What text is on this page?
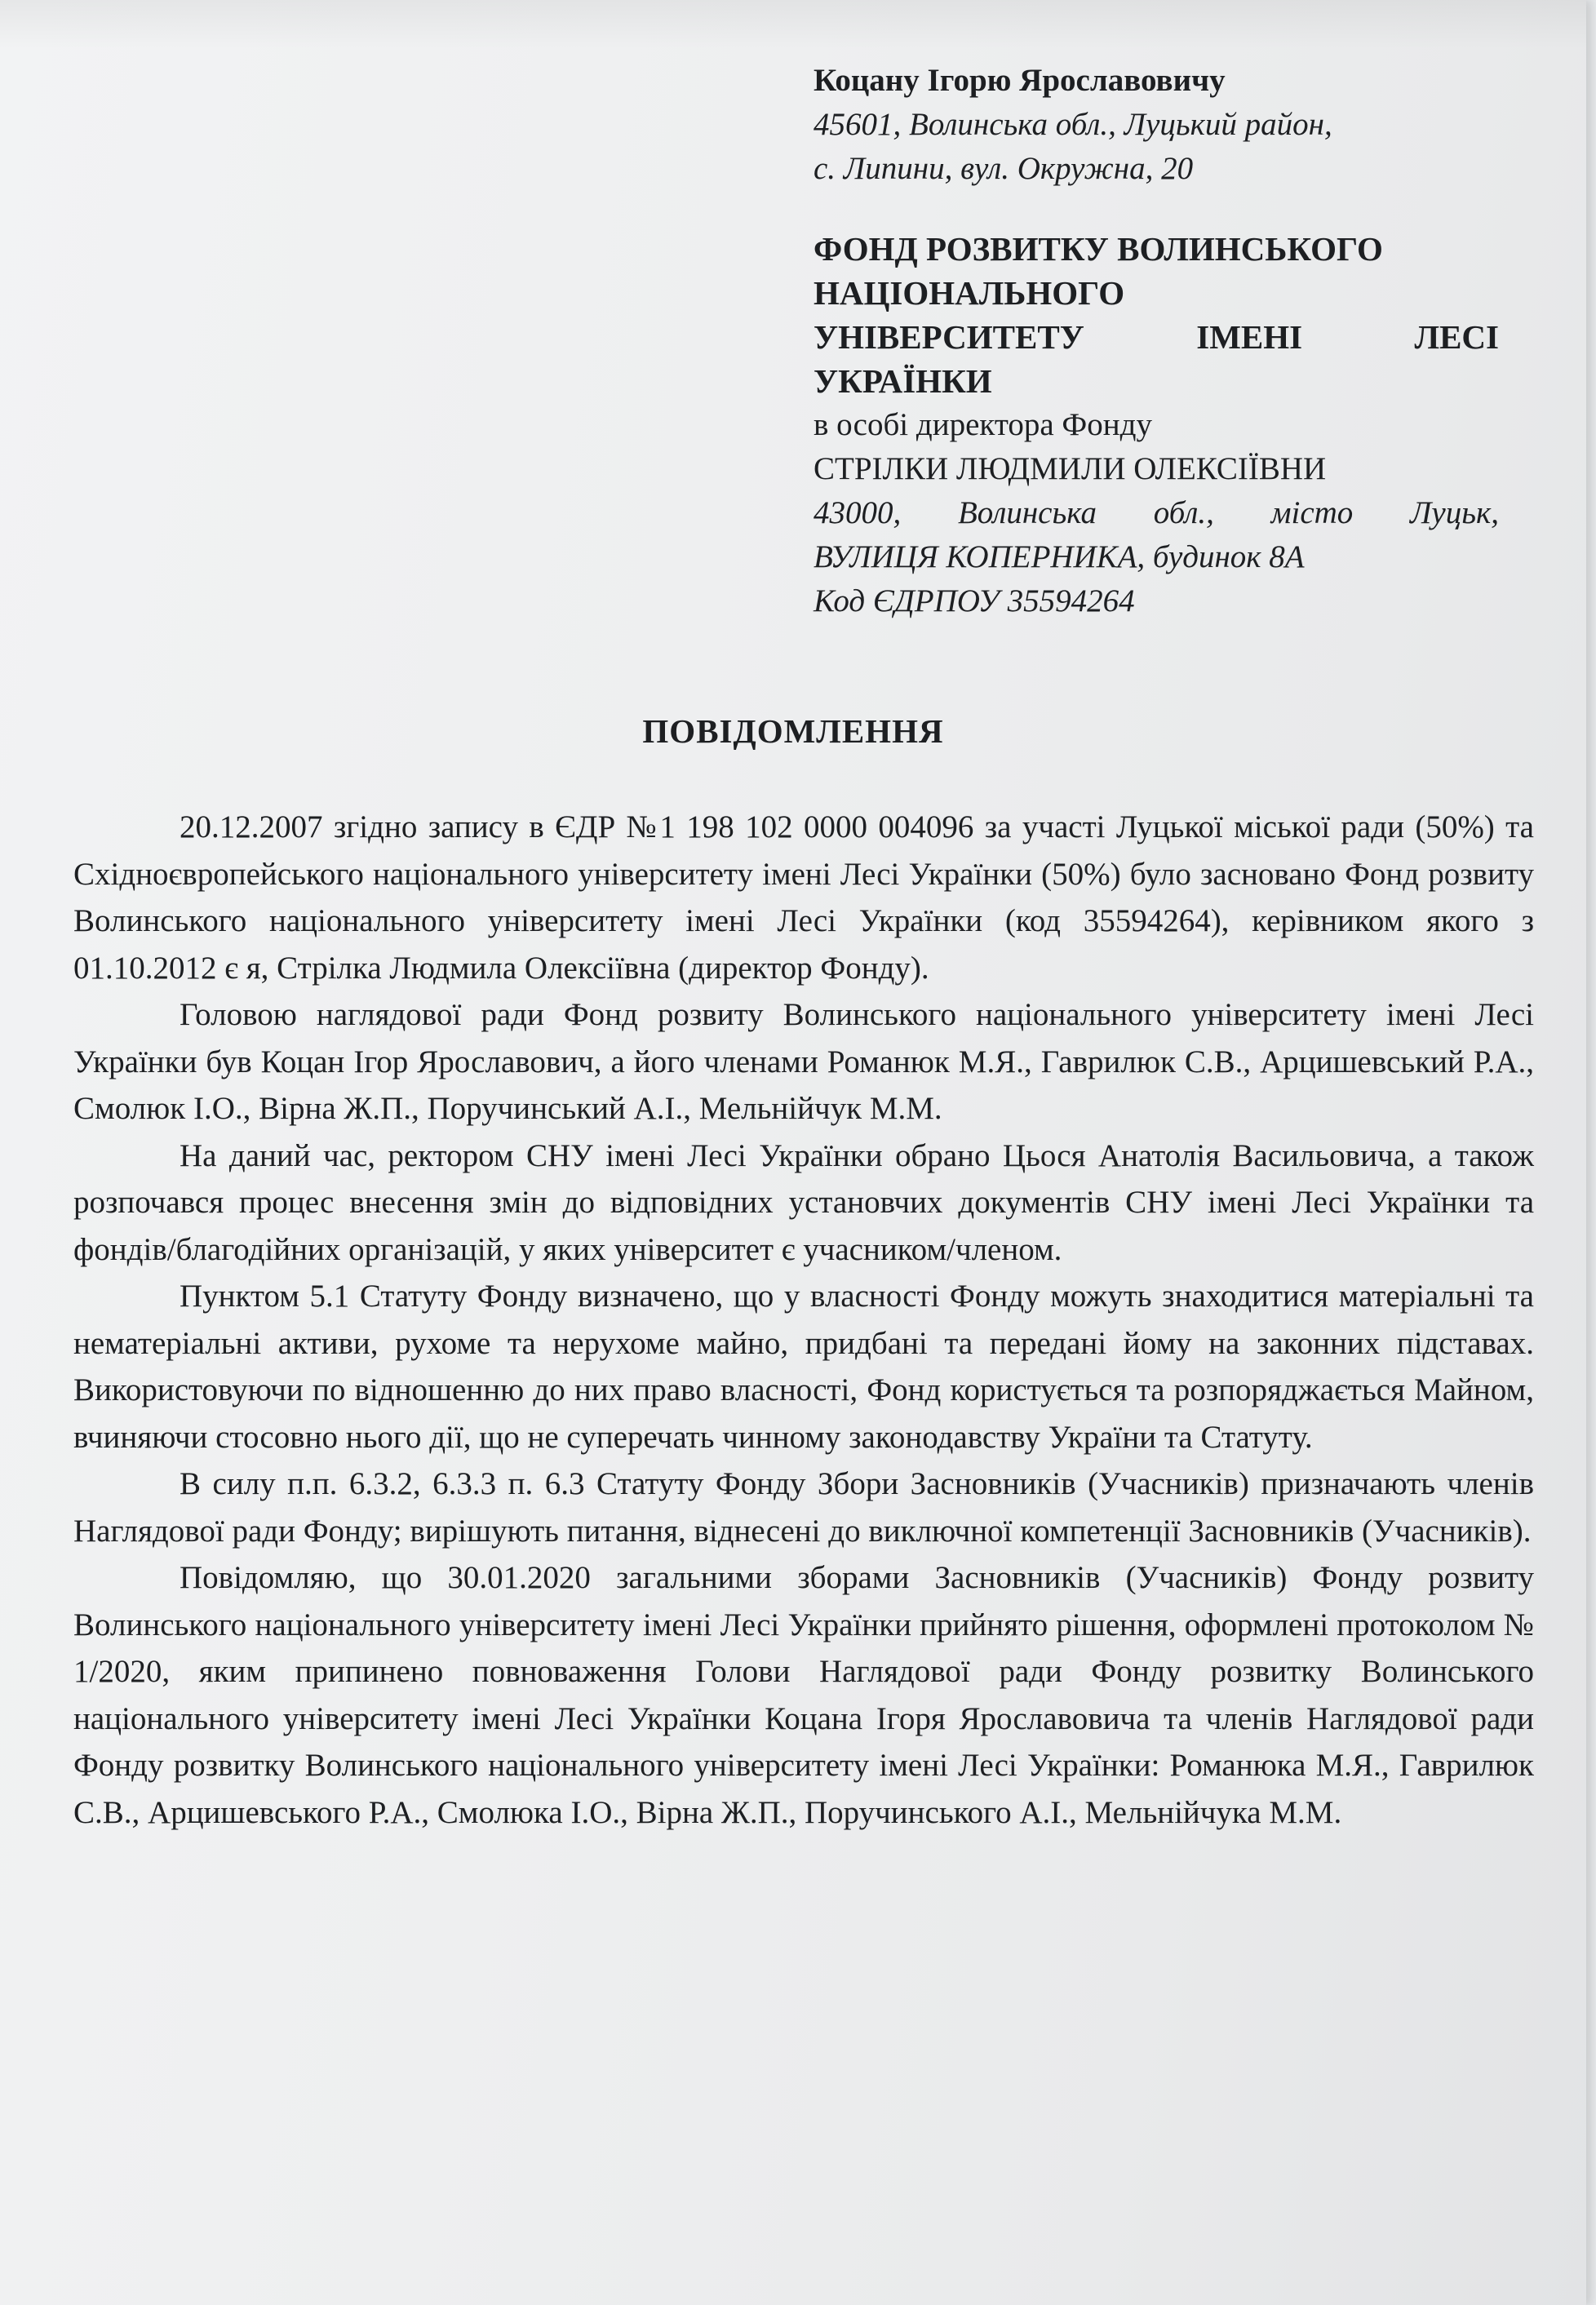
Коцану Ігорю Ярославовичу
45601, Волинська обл., Луцький район,
с. Липини, вул. Окружна, 20
ФОНД РОЗВИТКУ ВОЛИНСЬКОГО
НАЦІОНАЛЬНОГО
УНІВЕРСИТЕТУ ІМЕНІ ЛЕСІ
УКРАЇНКИ
в особі директора Фонду
СТРІЛКИ ЛЮДМИЛИ ОЛЕКСІЇВНИ
43000, Волинська обл., місто Луцьк,
ВУЛИЦЯ КОПЕРНИКА, будинок 8А
Код ЄДРПОУ 35594264
ПОВІДОМЛЕННЯ

20.12.2007 згідно запису в ЄДР №1 198 102 0000 004096 за участі Луцької міської ради (50%) та Східноєвропейського національного університету імені Лесі Українки (50%) було засновано Фонд розвиту Волинського національного університету імені Лесі Українки (код 35594264), керівником якого з 01.10.2012 є я, Стрілка Людмила Олексіївна (директор Фонду).

Головою наглядової ради Фонд розвиту Волинського національного університету імені Лесі Українки був Коцан Ігор Ярославович, а його членами Романюк М.Я., Гаврилюк С.В., Арцишевський Р.А., Смолюк І.О., Вірна Ж.П., Поручинський А.І., Мельнійчук М.М.

На даний час, ректором СНУ імені Лесі Українки обрано Цьося Анатолія Васильовича, а також розпочався процес внесення змін до відповідних установчих документів СНУ імені Лесі Українки та фондів/благодійних організацій, у яких університет є учасником/членом.

Пунктом 5.1 Статуту Фонду визначено, що у власності Фонду можуть знаходитися матеріальні та нематеріальні активи, рухоме та нерухоме майно, придбані та передані йому на законних підставах. Використовуючи по відношенню до них право власності, Фонд користується та розпоряджається Майном, вчиняючи стосовно нього дії, що не суперечать чинному законодавству України та Статуту.

В силу п.п. 6.3.2, 6.3.3 п. 6.3 Статуту Фонду Збори Засновників (Учасників) призначають членів Наглядової ради Фонду; вирішують питання, віднесені до виключної компетенції Засновників (Учасників).

Повідомляю, що 30.01.2020 загальними зборами Засновників (Учасників) Фонду розвиту Волинського національного університету імені Лесі Українки прийнято рішення, оформлені протоколом № 1/2020, яким припинено повноваження Голови Наглядової ради Фонду розвитку Волинського національного університету імені Лесі Українки Коцана Ігоря Ярославовича та членів Наглядової ради Фонду розвитку Волинського національного університету імені Лесі Українки: Романюка М.Я., Гаврилюк С.В., Арцишевського Р.А., Смолюка І.О., Вірна Ж.П., Поручинського А.І., Мельнійчука М.М.
